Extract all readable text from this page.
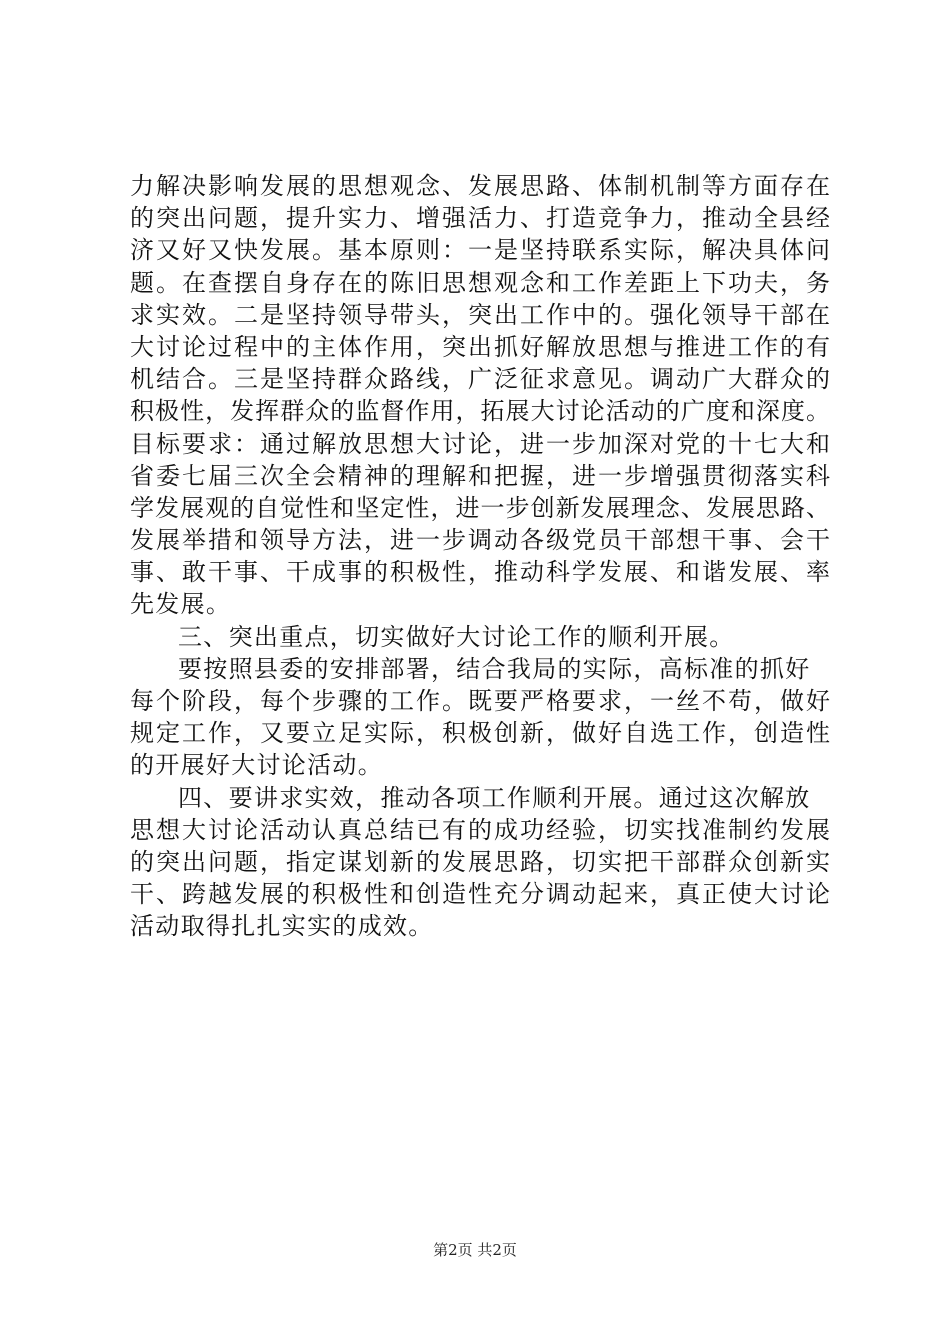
力解决影响发展的思想观念、发展思路、体制机制等方面存在
的突出问题，提升实力、增强活力、打造竞争力，推动全县经
济又好又快发展。基本原则：一是坚持联系实际，解决具体问
题。在查摆自身存在的陈旧思想观念和工作差距上下功夫，务
求实效。二是坚持领导带头，突出工作中的。强化领导干部在
大讨论过程中的主体作用，突出抓好解放思想与推进工作的有
机结合。三是坚持群众路线，广泛征求意见。调动广大群众的
积极性，发挥群众的监督作用，拓展大讨论活动的广度和深度。
目标要求：通过解放思想大讨论，进一步加深对党的十七大和
省委七届三次全会精神的理解和把握，进一步增强贯彻落实科
学发展观的自觉性和坚定性，进一步创新发展理念、发展思路、
发展举措和领导方法，进一步调动各级党员干部想干事、会干
事、敢干事、干成事的积极性，推动科学发展、和谐发展、率
先发展。
三、突出重点，切实做好大讨论工作的顺利开展。
要按照县委的安排部署，结合我局的实际，高标准的抓好
每个阶段，每个步骤的工作。既要严格要求，一丝不苟，做好
规定工作，又要立足实际，积极创新，做好自选工作，创造性
的开展好大讨论活动。
四、要讲求实效，推动各项工作顺利开展。通过这次解放
思想大讨论活动认真总结已有的成功经验，切实找准制约发展
的突出问题，指定谋划新的发展思路，切实把干部群众创新实
干、跨越发展的积极性和创造性充分调动起来，真正使大讨论
活动取得扎扎实实的成效。
第2页 共2页
